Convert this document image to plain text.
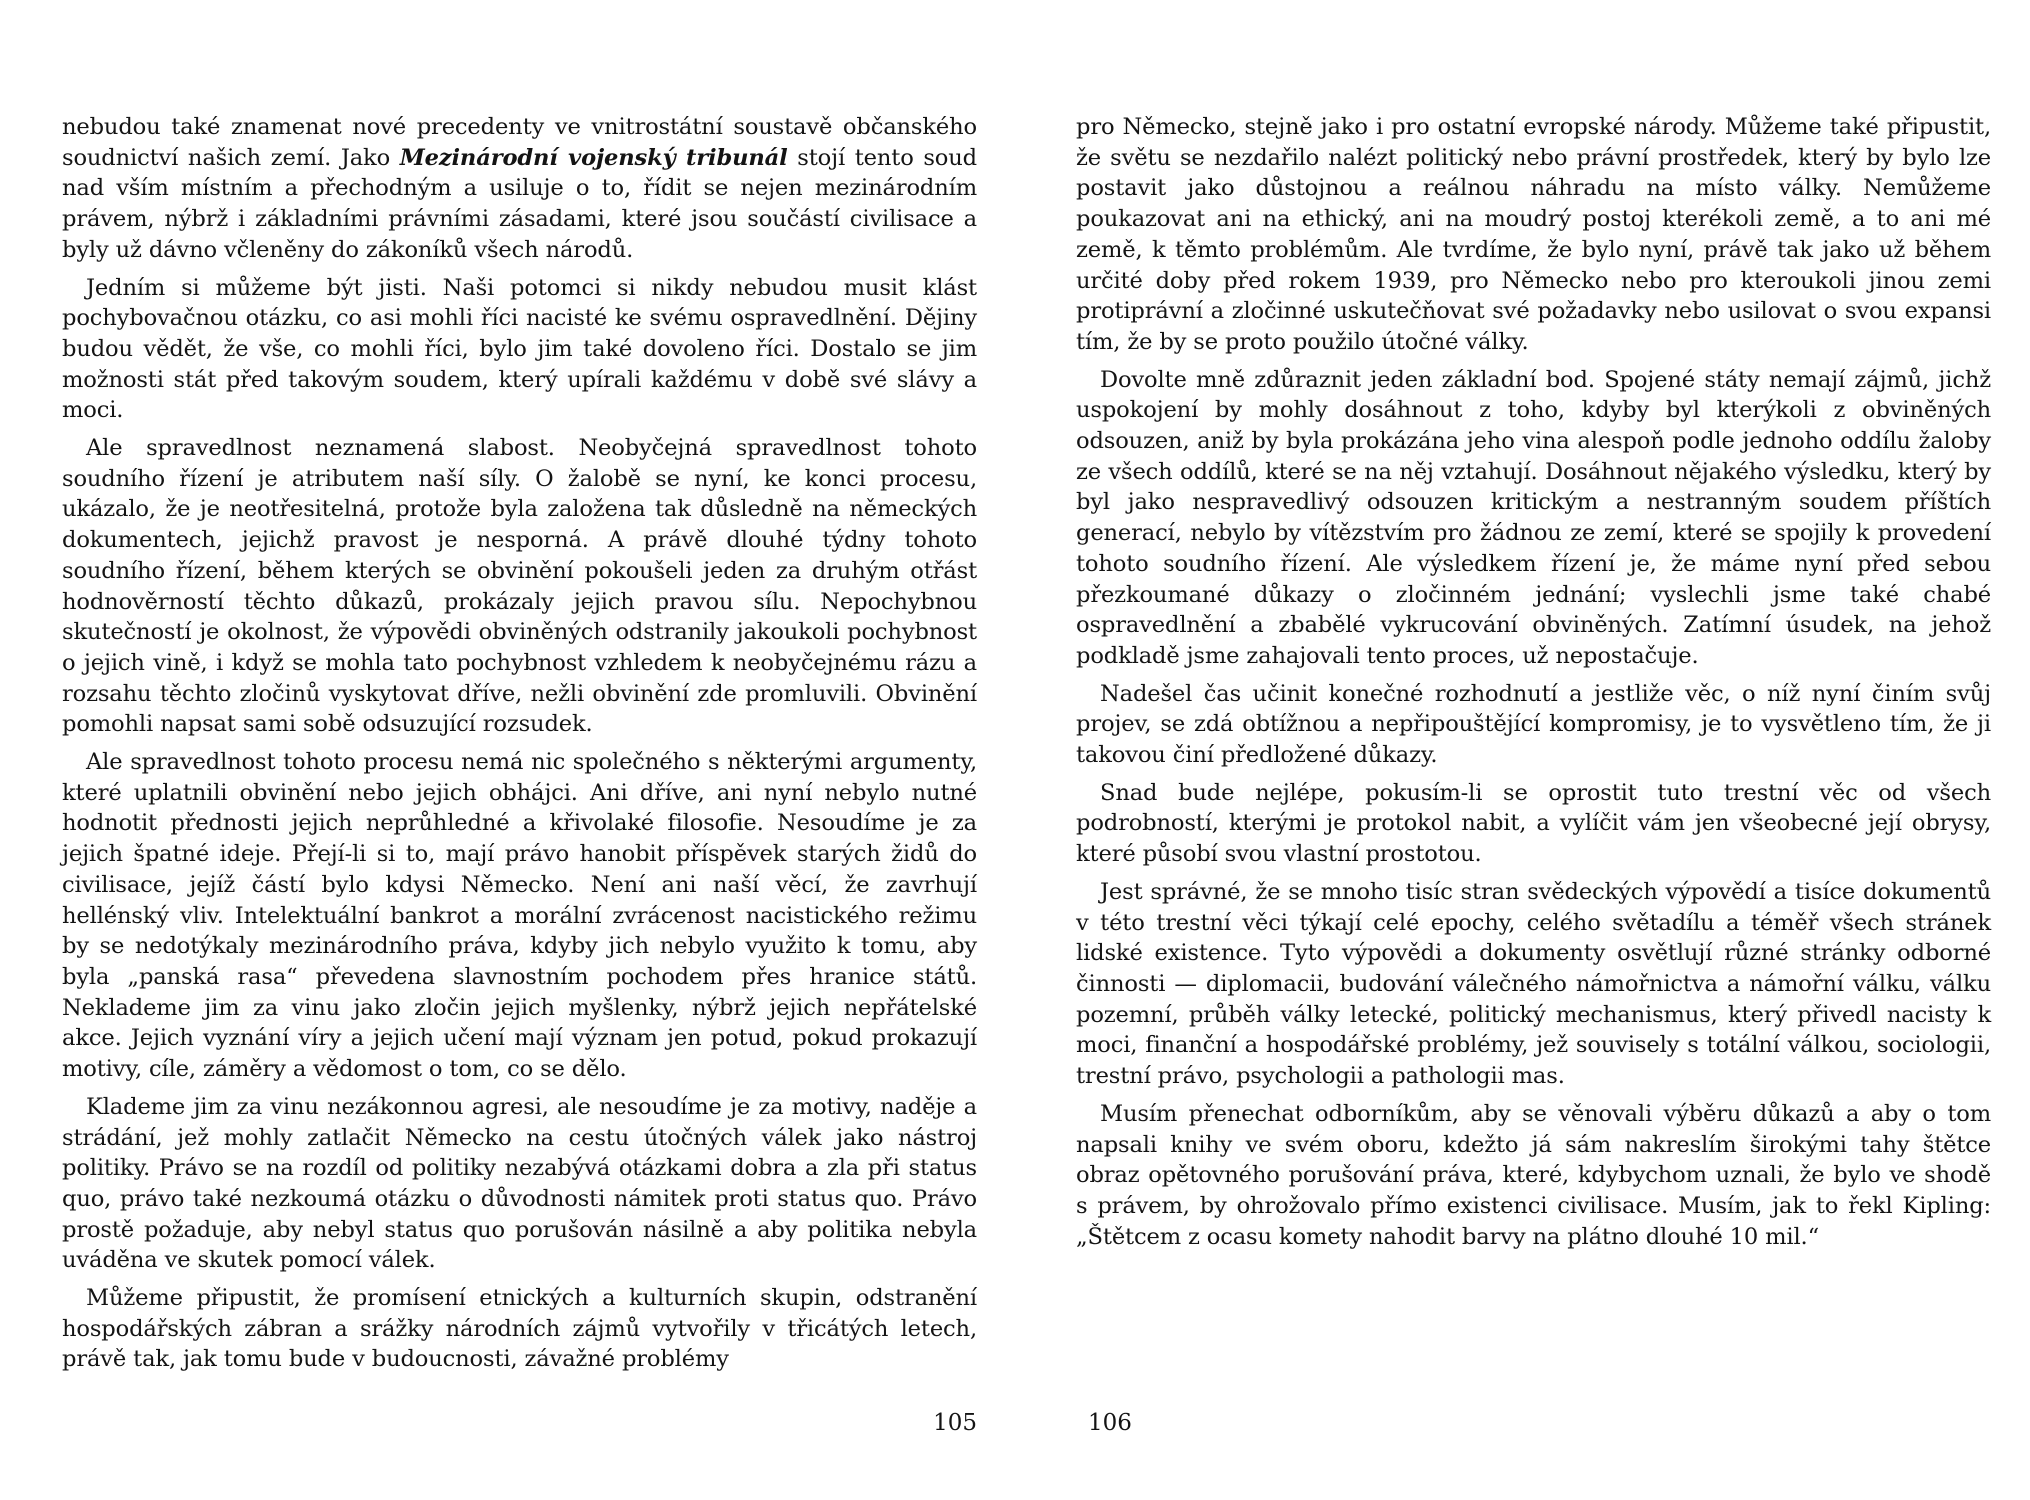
nebudou také znamenat nové precedenty ve vnitrostátní soustavě občanského soudnictví našich zemí. Jako Mezinárodní vojenský tribunál stojí tento soud nad vším místním a přechodným a usiluje o to, řídit se nejen mezinárodním právem, nýbrž i základními právními zásadami, které jsou součástí civilisace a byly už dávno včleněny do zákoníků všech národů.

Jedním si můžeme být jisti. Naši potomci si nikdy nebudou musit klást pochybovačnou otázku, co asi mohli říci nacisté ke svému ospravedlnění. Dějiny budou vědět, že vše, co mohli říci, bylo jim také dovoleno říci. Dostalo se jim možnosti stát před takovým soudem, který upírali každému v době své slávy a moci.

Ale spravedlnost neznamená slabost. Neobyčejná spravedlnost tohoto soudního řízení je atributem naší síly. O žalobě se nyní, ke konci procesu, ukázalo, že je neotřesitelná, protože byla založena tak důsledně na německých dokumentech, jejichž pravost je nesporná. A právě dlouhé týdny tohoto soudního řízení, během kterých se obvinění pokoušeli jeden za druhým otřást hodnověrností těchto důkazů, prokázaly jejich pravou sílu. Nepochybnou skutečností je okolnost, že výpovědi obviněných odstranily jakoukoli pochybnost o jejich vině, i když se mohla tato pochybnost vzhledem k neobyčejnému rázu a rozsahu těchto zločinů vyskytovat dříve, nežli obvinění zde promluvili. Obvinění pomohli napsat sami sobě odsuzující rozsudek.

Ale spravedlnost tohoto procesu nemá nic společného s některými argumenty, které uplatnili obvinění nebo jejich obhájci. Ani dříve, ani nyní nebylo nutné hodnotit přednosti jejich neprůhledné a křivolaké filosofie. Nesoudíme je za jejich špatné ideje. Přejí-li si to, mají právo hanobit příspěvek starých židů do civilisace, jejíž částí bylo kdysi Německo. Není ani naší věcí, že zavrhují hellénský vliv. Intelektuální bankrot a morální zvrácenost nacistického režimu by se nedotýkaly mezinárodního práva, kdyby jich nebylo využito k tomu, aby byla „panská rasa“ převedena slavnostním pochodem přes hranice států. Neklademe jim za vinu jako zločin jejich myšlenky, nýbrž jejich nepřátelské akce. Jejich vyznání víry a jejich učení mají význam jen potud, pokud prokazují motivy, cíle, záměry a vědomost o tom, co se dělo.

Klademe jim za vinu nezákonnou agresi, ale nesoudíme je za motivy, naděje a strádání, jež mohly zatlačit Německo na cestu útočných válek jako nástroj politiky. Právo se na rozdíl od politiky nezabývá otázkami dobra a zla při status quo, právo také nezkoumá otázku o důvodnosti námitek proti status quo. Právo prostě požaduje, aby nebyl status quo porušován násilně a aby politika nebyla uváděna ve skutek pomocí válek.

Můžeme připustit, že promísení etnických a kulturních skupin, odstranění hospodářských zábran a srážky národních zájmů vytvořily v třicátých letech, právě tak, jak tomu bude v budoucnosti, závažné problémy

105

pro Německo, stejně jako i pro ostatní evropské národy. Můžeme také připustit, že světu se nezdařilo nalézt politický nebo právní prostředek, který by bylo lze postavit jako důstojnou a reálnou náhradu na místo války. Nemůžeme poukazovat ani na ethický, ani na moudrý postoj kterékoli země, a to ani mé země, k těmto problémům. Ale tvrdíme, že bylo nyní, právě tak jako už během určité doby před rokem 1939, pro Německo nebo pro kteroukoli jinou zemi protiprávní a zločinné uskutečňovat své požadavky nebo usilovat o svou expansi tím, že by se proto použilo útočné války.

Dovolte mně zdůraznit jeden základní bod. Spojené státy nemají zájmů, jichž uspokojení by mohly dosáhnout z toho, kdyby byl kterýkoli z obviněných odsouzen, aniž by byla prokázána jeho vina alespoň podle jednoho oddílu žaloby ze všech oddílů, které se na něj vztahují. Dosáhnout nějakého výsledku, který by byl jako nespravedlivý odsouzen kritickým a nestranným soudem příštích generací, nebylo by vítězstvím pro žádnou ze zemí, které se spojily k provedení tohoto soudního řízení. Ale výsledkem řízení je, že máme nyní před sebou přezkoumané důkazy o zločinném jednání; vyslechli jsme také chabé ospravedlnění a zbabělé vykrucování obviněných. Zatímní úsudek, na jehož podkladě jsme zahajovali tento proces, už nepostačuje.

Nadešel čas učinit konečné rozhodnutí a jestliže věc, o níž nyní činím svůj projev, se zdá obtížnou a nepřipouštějící kompromisy, je to vysvětleno tím, že ji takovou činí předložené důkazy.

Snad bude nejlépe, pokusím-li se oprostit tuto trestní věc od všech podrobností, kterými je protokol nabit, a vylíčit vám jen všeobecné její obrysy, které působí svou vlastní prostotou.

Jest správné, že se mnoho tisíc stran svědeckých výpovědí a tisíce dokumentů v této trestní věci týkají celé epochy, celého světadílu a téměř všech stránek lidské existence. Tyto výpovědi a dokumenty osvětlují různé stránky odborné činnosti — diplomacii, budování válečného námořnictva a námořní válku, válku pozemní, průběh války letecké, politický mechanismus, který přivedl nacisty k moci, finanční a hospodářské problémy, jež souvisely s totální válkou, sociologii, trestní právo, psychologii a pathologii mas.

Musím přenechat odborníkům, aby se věnovali výběru důkazů a aby o tom napsali knihy ve svém oboru, kdežto já sám nakreslím širokými tahy štětce obraz opětovného porušování práva, které, kdybychom uznali, že bylo ve shodě s právem, by ohrožovalo přímo existenci civilisace. Musím, jak to řekl Kipling: „Štětcem z ocasu komety nahodit barvy na plátno dlouhé 10 mil.“

106
